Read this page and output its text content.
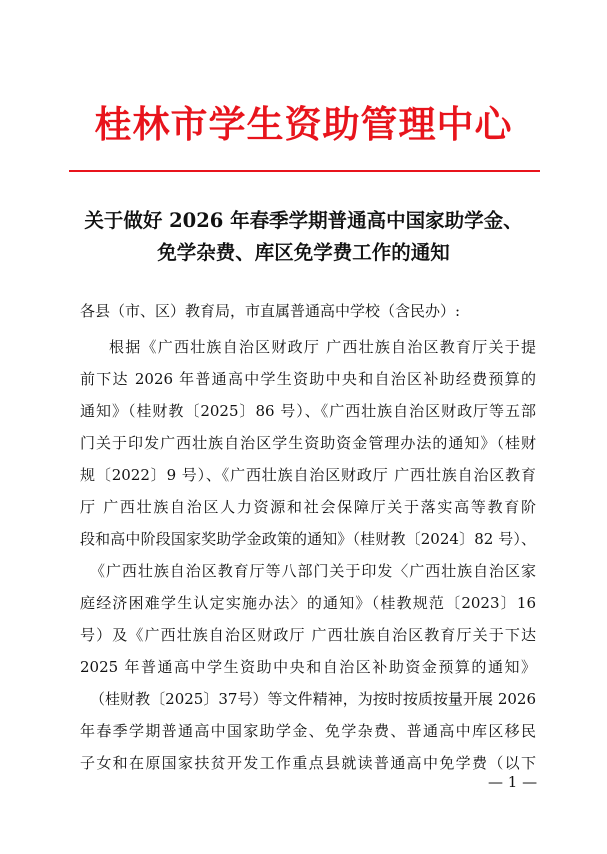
桂林市学生资助管理中心
关于做好 2026 年春季学期普通高中国家助学金、
免学杂费、库区免学费工作的通知
各县（市、区）教育局，市直属普通高中学校（含民办）:
根据《广西壮族自治区财政厅 广西壮族自治区教育厅关于提
前下达 2026 年普通高中学生资助中央和自治区补助经费预算的
通知》（桂财教〔2025〕86 号）、《广西壮族自治区财政厅等五部
门关于印发广西壮族自治区学生资助资金管理办法的通知》（桂财
规〔2022〕9 号）、《广西壮族自治区财政厅 广西壮族自治区教育
厅 广西壮族自治区人力资源和社会保障厅关于落实高等教育阶
段和高中阶段国家奖助学金政策的通知》（桂财教〔2024〕82 号）、
《广西壮族自治区教育厅等八部门关于印发〈广西壮族自治区家
庭经济困难学生认定实施办法〉的通知》（桂教规范〔2023〕16
号）及《广西壮族自治区财政厅 广西壮族自治区教育厅关于下达
2025 年普通高中学生资助中央和自治区补助资金预算的通知》
（桂财教〔2025〕37号）等文件精神，为按时按质按量开展 2026
年春季学期普通高中国家助学金、免学杂费、普通高中库区移民
子女和在原国家扶贫开发工作重点县就读普通高中免学费（以下
— 1 —
